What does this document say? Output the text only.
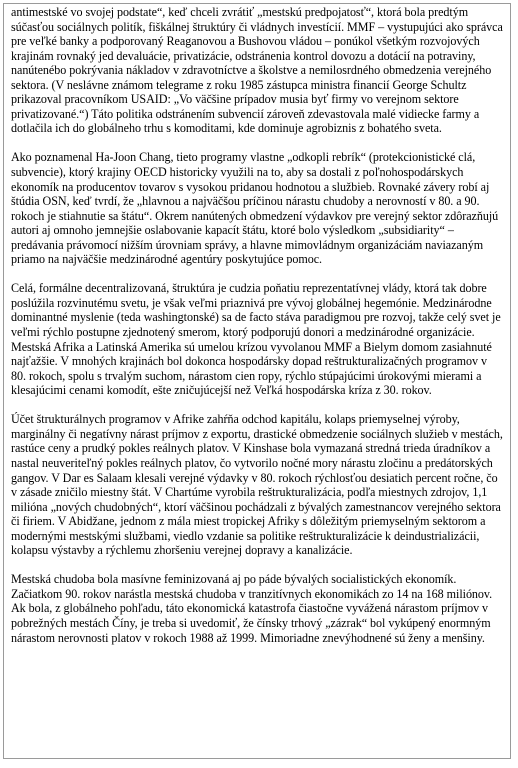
antimestské vo svojej podstate“, keď chceli zvrátiť „mestskú predpojatosť“, ktorá bola predtým súčasťou sociálnych politík, fiškálnej štruktúry či vládnych investícií. MMF – vystupujúci ako správca pre veľké banky a podporovaný Reaganovou a Bushovou vládou – ponúkol všetkým rozvojových krajinám rovnaký jed devaluácie, privatizácie, odstránenia kontrol dovozu a dotácií na potraviny, nanútenébo pokrývania nákladov v zdravotníctve a školstve a nemilosrdného obmedzenia verejného sektora. (V neslávne známom telegrame z roku 1985 zástupca ministra financií George Schultz prikazoval pracovníkom USAID: „Vo väčšine prípadov musia byť firmy vo verejnom sektore privatizované.“) Táto politika odstránením subvencií zároveň zdevastovala malé vidiecke farmy a dotlačila ich do globálneho trhu s komoditami, kde dominuje agrobiznis z bohatého sveta.

Ako poznamenal Ha-Joon Chang, tieto programy vlastne „odkopli rebrík“ (protekcionistické clá, subvencie), ktorý krajiny OECD historicky využili na to, aby sa dostali z poľnohospodárskych ekonomík na producentov tovarov s vysokou pridanou hodnotou a službieb. Rovnaké závery robí aj štúdia OSN, keď tvrdí, že „hlavnou a najväčšou príčinou nárastu chudoby a nerovností v 80. a 90. rokoch je stiahnutie sa štátu“. Okrem nanútených obmedzení výdavkov pre verejný sektor zdôrazňujú autori aj omnoho jemnejšie oslabovanie kapacít štátu, ktoré bolo výsledkom „subsidiarity“ – predávania právomocí nižším úrovniam správy, a hlavne mimovládnym organizáciám naviazaným priamo na najväčšie medzinárodné agentúry poskytujúce pomoc.

Celá, formálne decentralizovaná, štruktúra je cudzia poňatiu reprezentatívnej vlády, ktorá tak dobre poslúžila rozvinutému svetu, je však veľmi priaznivá pre vývoj globálnej hegemónie. Medzinárodne dominantné myslenie (teda washingtonské) sa de facto stáva paradigmou pre rozvoj, takže celý svet je veľmi rýchlo postupne zjednotený smerom, ktorý podporujú donori a medzinárodné organizácie. Mestská Afrika a Latinská Amerika sú umelou krízou vyvolanou MMF a Bielym domom zasiahnuté najťažšie. V mnohých krajinách bol dokonca hospodársky dopad reštrukturalizačných programov v 80. rokoch, spolu s trvalým suchom, nárastom cien ropy, rýchlo stúpajúcimi úrokovými mierami a klesajúcimi cenami komodít, ešte zničujúcejší než Veľká hospodárska kríza z 30. rokov.

Účet štrukturálnych programov v Afrike zahŕňa odchod kapitálu, kolaps priemyselnej výroby, marginálny či negatívny nárast príjmov z exportu, drastické obmedzenie sociálnych služieb v mestách, rastúce ceny a prudký pokles reálnych platov. V Kinshase bola vymazaná stredná trieda úradníkov a nastal neuveriteľný pokles reálnych platov, čo vytvorilo nočné mory nárastu zločinu a predátorských gangov. V Dar es Salaam klesali verejné výdavky v 80. rokoch rýchlosťou desiatich percent ročne, čo v zásade zničilo miestny štát. V Chartúme vyrobila reštrukturalizácia, podľa miestnych zdrojov, 1,1 milióna „nových chudobných“, ktorí väčšinou pochádzali z bývalých zamestnancov verejného sektora či firiem. V Abidžane, jednom z mála miest tropickej Afriky s dôležitým priemyselným sektorom a modernými mestskými službami, viedlo vzdanie sa politike reštrukturalizácie k deindustrializácii, kolapsu výstavby a rýchlemu zhoršeniu verejnej dopravy a kanalizácie.

Mestská chudoba bola masívne feminizovaná aj po páde bývalých socialistických ekonomík. Začiatkom 90. rokov narástla mestská chudoba v tranzitívnych ekonomikách zo 14 na 168 miliónov. Ak bola, z globálneho pohľadu, táto ekonomická katastrofa čiastočne vyvážená nárastom príjmov v pobrežných mestách Číny, je treba si uvedomiť, že čínsky trhový „zázrak“ bol vykúpený enormným nárastom nerovnosti platov v rokoch 1988 až 1999. Mimoriadne znevýhodnené sú ženy a menšiny.
